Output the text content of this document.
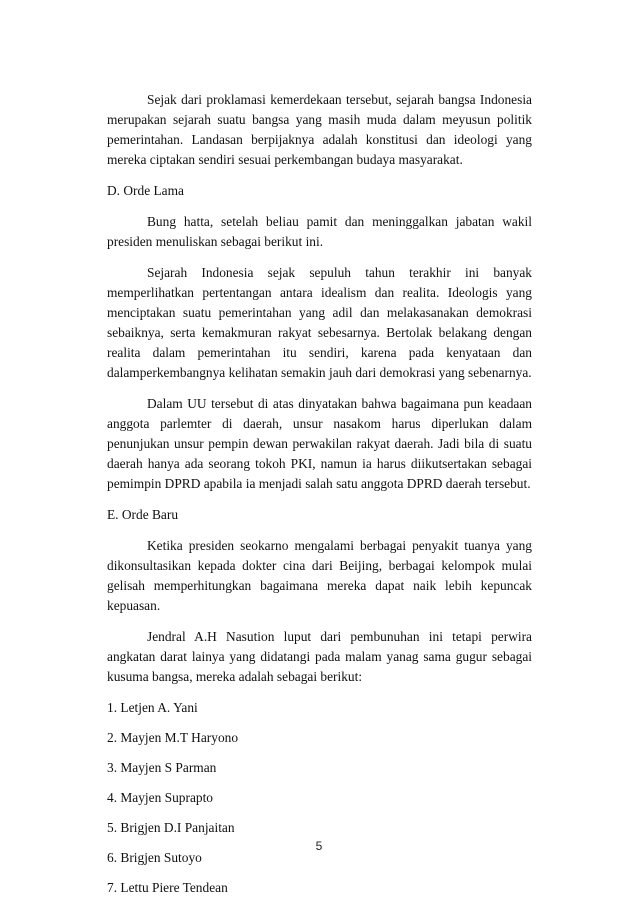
Sejak dari proklamasi kemerdekaan tersebut, sejarah bangsa Indonesia merupakan sejarah suatu bangsa yang masih muda dalam meyusun politik pemerintahan. Landasan berpijaknya adalah konstitusi dan ideologi yang mereka ciptakan sendiri sesuai perkembangan budaya masyarakat.

D. Orde Lama

Bung hatta, setelah beliau pamit dan meninggalkan jabatan wakil presiden menuliskan sebagai berikut ini.

Sejarah Indonesia sejak sepuluh tahun terakhir ini banyak memperlihatkan pertentangan antara idealism dan realita. Ideologis yang menciptakan suatu pemerintahan yang adil dan melakasanakan demokrasi sebaiknya, serta kemakmuran rakyat sebesarnya. Bertolak belakang dengan realita dalam pemerintahan itu sendiri, karena pada kenyataan dan dalamperkembangnya kelihatan semakin jauh dari demokrasi yang sebenarnya.

Dalam UU tersebut di atas dinyatakan bahwa bagaimana pun keadaan anggota parlemter di daerah, unsur nasakom harus diperlukan dalam penunjukan unsur pempin dewan perwakilan rakyat daerah. Jadi bila di suatu daerah hanya ada seorang tokoh PKI, namun ia harus diikutsertakan sebagai pemimpin DPRD apabila ia menjadi salah satu anggota DPRD daerah tersebut.

E. Orde Baru

Ketika presiden seokarno mengalami berbagai penyakit tuanya yang dikonsultasikan kepada dokter cina dari Beijing, berbagai kelompok mulai gelisah memperhitungkan bagaimana mereka dapat naik lebih kepuncak kepuasan.

Jendral A.H Nasution luput dari pembunuhan ini tetapi perwira angkatan darat lainya yang didatangi pada malam yanag sama gugur sebagai kusuma bangsa, mereka adalah sebagai berikut:

1. Letjen A. Yani

2. Mayjen M.T Haryono

3. Mayjen S Parman

4. Mayjen Suprapto

5. Brigjen D.I Panjaitan

6. Brigjen Sutoyo

7. Lettu Piere Tendean

5
